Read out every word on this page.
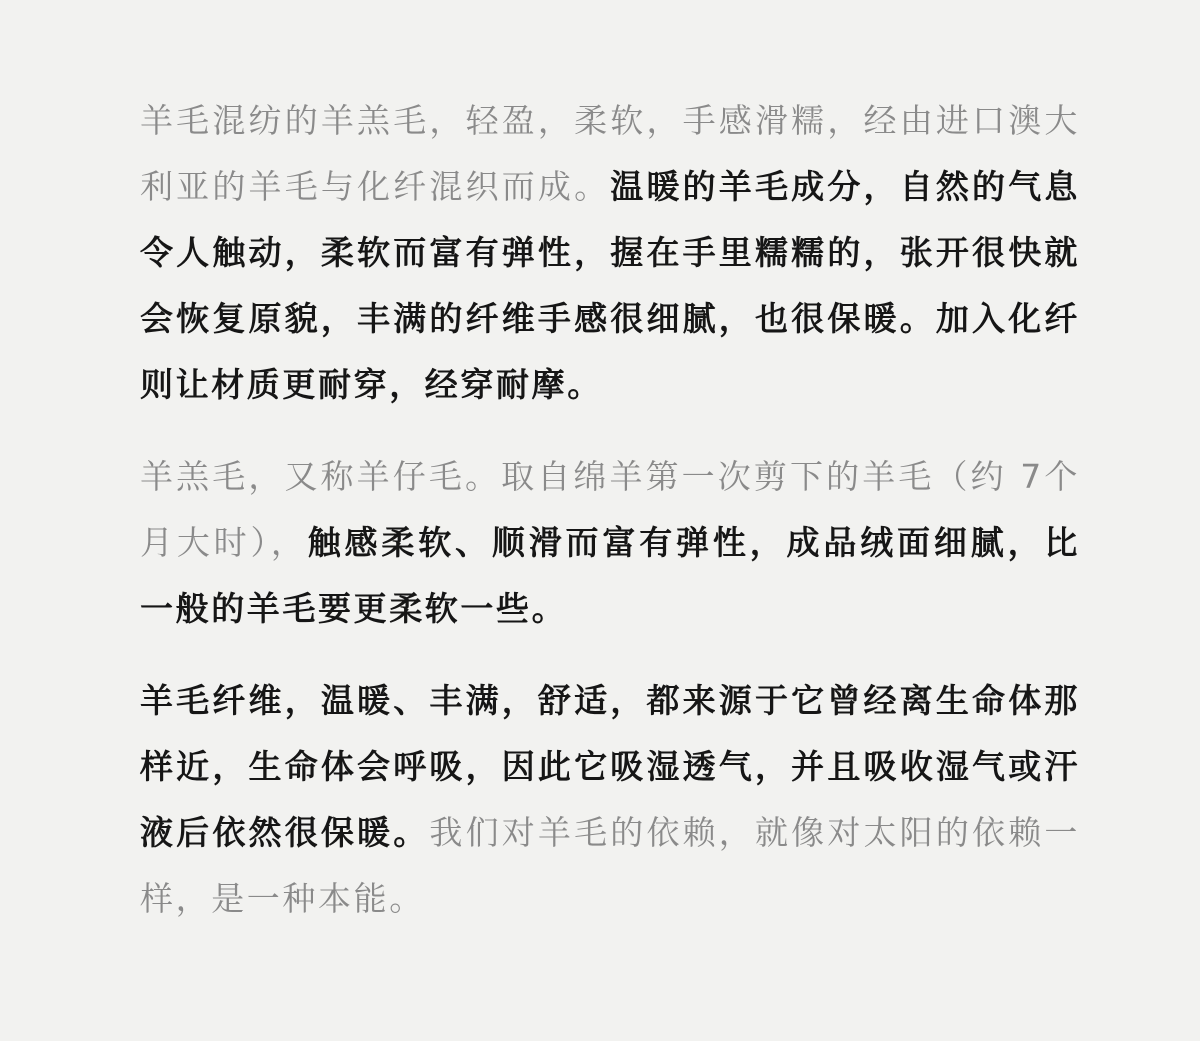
羊毛混纺的羊羔毛，轻盈，柔软，手感滑糯，经由进口澳大利亚的羊毛与化纤混织而成。温暖的羊毛成分，自然的气息令人触动，柔软而富有弹性，握在手里糯糯的，张开很快就会恢复原貌，丰满的纤维手感很细腻，也很保暖。加入化纤则让材质更耐穿，经穿耐摩。

羊羔毛，又称羊仔毛。取自绵羊第一次剪下的羊毛（约 7个月大时），触感柔软、顺滑而富有弹性，成品绒面细腻，比一般的羊毛要更柔软一些。

羊毛纤维，温暖、丰满，舒适，都来源于它曾经离生命体那样近，生命体会呼吸，因此它吸湿透气，并且吸收湿气或汗液后依然很保暖。我们对羊毛的依赖，就像对太阳的依赖一样，是一种本能。
